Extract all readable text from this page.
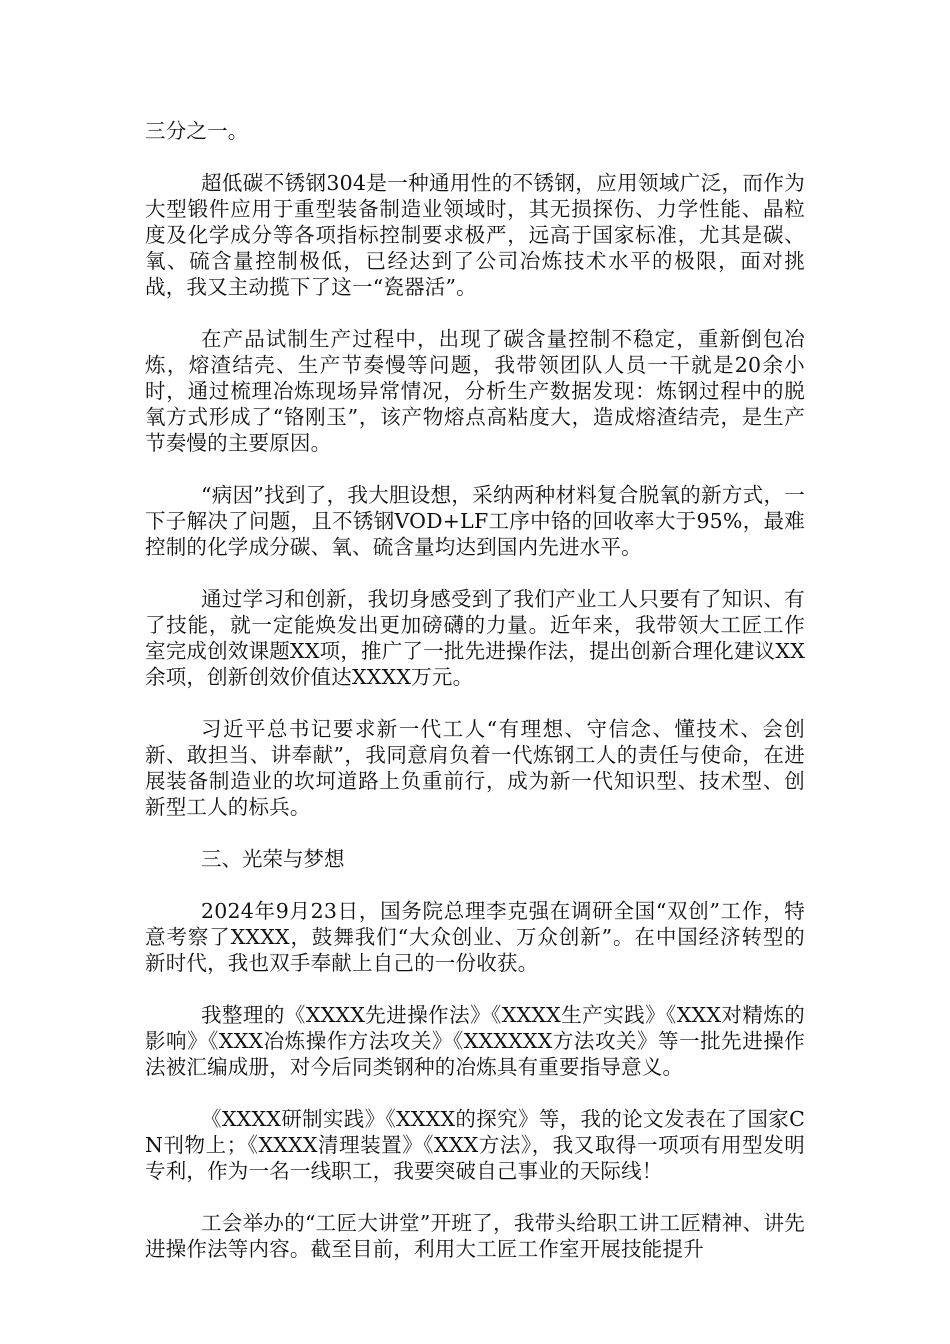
三分之一。

超低碳不锈钢304是一种通用性的不锈钢，应用领域广泛，而作为大型锻件应用于重型装备制造业领域时，其无损探伤、力学性能、晶粒度及化学成分等各项指标控制要求极严，远高于国家标准，尤其是碳、氧、硫含量控制极低，已经达到了公司冶炼技术水平的极限，面对挑战，我又主动揽下了这一“瓷器活”。

在产品试制生产过程中，出现了碳含量控制不稳定，重新倒包冶炼，熔渣结壳、生产节奏慢等问题，我带领团队人员一干就是20余小时，通过梳理冶炼现场异常情况，分析生产数据发现：炼钢过程中的脱氧方式形成了“铬刚玉”，该产物熔点高粘度大，造成熔渣结壳，是生产节奏慢的主要原因。

“病因”找到了，我大胆设想，采纳两种材料复合脱氧的新方式，一下子解决了问题，且不锈钢VOD+LF工序中铬的回收率大于95%，最难控制的化学成分碳、氧、硫含量均达到国内先进水平。

通过学习和创新，我切身感受到了我们产业工人只要有了知识、有了技能，就一定能焕发出更加磅礴的力量。近年来，我带领大工匠工作室完成创效课题XX项，推广了一批先进操作法，提出创新合理化建议XX余项，创新创效价值达XXXX万元。

习近平总书记要求新一代工人“有理想、守信念、懂技术、会创新、敢担当、讲奉献”，我同意肩负着一代炼钢工人的责任与使命，在进展装备制造业的坎坷道路上负重前行，成为新一代知识型、技术型、创新型工人的标兵。

三、光荣与梦想

2024年9月23日，国务院总理李克强在调研全国“双创”工作，特意考察了XXXX，鼓舞我们“大众创业、万众创新”。在中国经济转型的新时代，我也双手奉献上自己的一份收获。

我整理的《XXXX先进操作法》《XXXX生产实践》《XXX对精炼的影响》《XXX冶炼操作方法攻关》《XXXXXX方法攻关》等一批先进操作法被汇编成册，对今后同类钢种的冶炼具有重要指导意义。

《XXXX研制实践》《XXXX的探究》等，我的论文发表在了国家CN刊物上；《XXXX清理装置》《XXX方法》，我又取得一项项有用型发明专利，作为一名一线职工，我要突破自己事业的天际线！

工会举办的“工匠大讲堂”开班了，我带头给职工讲工匠精神、讲先进操作法等内容。截至目前，利用大工匠工作室开展技能提升
